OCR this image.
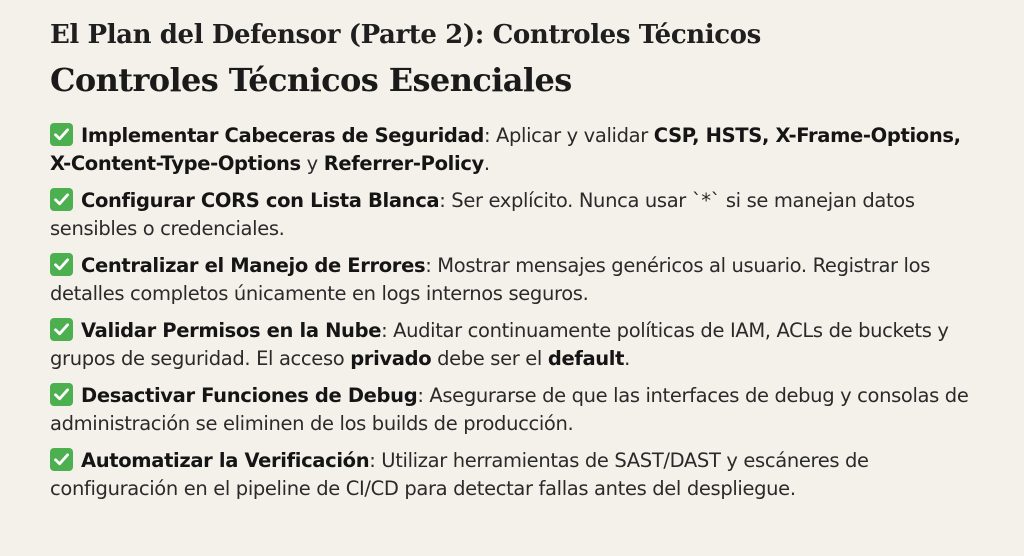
El Plan del Defensor (Parte 2): Controles Técnicos
Controles Técnicos Esenciales
Implementar Cabeceras de Seguridad: Aplicar y validar CSP, HSTS, X-Frame-Options, X-Content-Type-Options y Referrer-Policy.
Configurar CORS con Lista Blanca: Ser explícito. Nunca usar `*` si se manejan datos sensibles o credenciales.
Centralizar el Manejo de Errores: Mostrar mensajes genéricos al usuario. Registrar los detalles completos únicamente en logs internos seguros.
Validar Permisos en la Nube: Auditar continuamente políticas de IAM, ACLs de buckets y grupos de seguridad. El acceso privado debe ser el default.
Desactivar Funciones de Debug: Asegurarse de que las interfaces de debug y consolas de administración se eliminen de los builds de producción.
Automatizar la Verificación: Utilizar herramientas de SAST/DAST y escáneres de configuración en el pipeline de CI/CD para detectar fallas antes del despliegue.
